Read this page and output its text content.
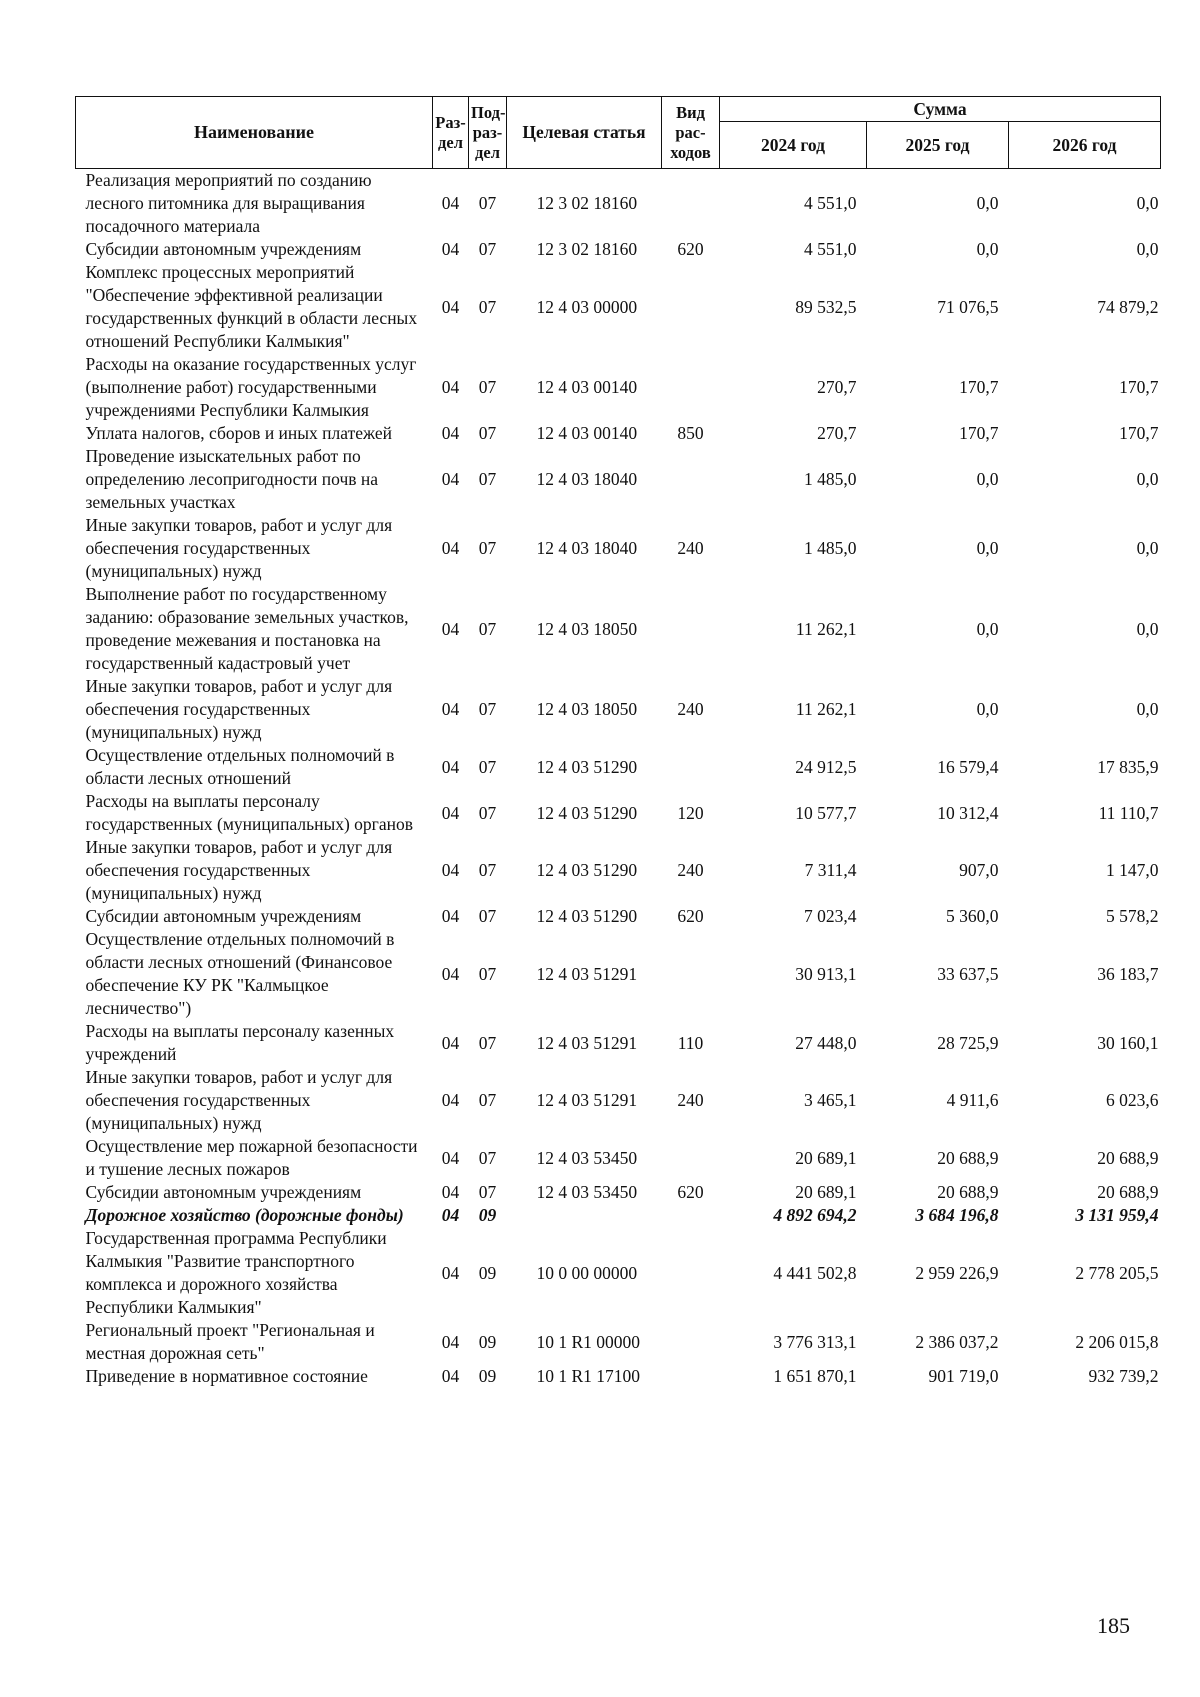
Наименование	Раз-дел	Под-раз-дел	Целевая статья	Вид рас-ходов	Сумма		
					2024 год	2025 год	2026 год
Реализация мероприятий по созданию лесного питомника для выращивания посадочного материала	04	07	12 3 02 18160		4 551,0	0,0	0,0
Субсидии автономным учреждениям	04	07	12 3 02 18160	620	4 551,0	0,0	0,0
Комплекс процессных мероприятий "Обеспечение эффективной реализации государственных функций в области лесных отношений Республики Калмыкия"	04	07	12 4 03 00000		89 532,5	71 076,5	74 879,2
Расходы на оказание государственных услуг (выполнение работ) государственными учреждениями Республики Калмыкия	04	07	12 4 03 00140		270,7	170,7	170,7
Уплата налогов, сборов и иных платежей	04	07	12 4 03 00140	850	270,7	170,7	170,7
Проведение изыскательных работ по определению лесопригодности почв на земельных участках	04	07	12 4 03 18040		1 485,0	0,0	0,0
Иные закупки товаров, работ и услуг для обеспечения государственных (муниципальных) нужд	04	07	12 4 03 18040	240	1 485,0	0,0	0,0
Выполнение работ по государственному заданию: образование земельных участков, проведение межевания и постановка на государственный кадастровый учет	04	07	12 4 03 18050		11 262,1	0,0	0,0
Иные закупки товаров, работ и услуг для обеспечения государственных (муниципальных) нужд	04	07	12 4 03 18050	240	11 262,1	0,0	0,0
Осуществление отдельных полномочий в области лесных отношений	04	07	12 4 03 51290		24 912,5	16 579,4	17 835,9
Расходы на выплаты персоналу государственных (муниципальных) органов	04	07	12 4 03 51290	120	10 577,7	10 312,4	11 110,7
Иные закупки товаров, работ и услуг для обеспечения государственных (муниципальных) нужд	04	07	12 4 03 51290	240	7 311,4	907,0	1 147,0
Субсидии автономным учреждениям	04	07	12 4 03 51290	620	7 023,4	5 360,0	5 578,2
Осуществление отдельных полномочий в области лесных отношений (Финансовое обеспечение КУ РК "Калмыцкое лесничество")	04	07	12 4 03 51291		30 913,1	33 637,5	36 183,7
Расходы на выплаты персоналу казенных учреждений	04	07	12 4 03 51291	110	27 448,0	28 725,9	30 160,1
Иные закупки товаров, работ и услуг для обеспечения государственных (муниципальных) нужд	04	07	12 4 03 51291	240	3 465,1	4 911,6	6 023,6
Осуществление мер пожарной безопасности и тушение лесных пожаров	04	07	12 4 03 53450		20 689,1	20 688,9	20 688,9
Субсидии автономным учреждениям	04	07	12 4 03 53450	620	20 689,1	20 688,9	20 688,9
Дорожное хозяйство (дорожные фонды)	04	09			4 892 694,2	3 684 196,8	3 131 959,4
Государственная программа Республики Калмыкия "Развитие транспортного комплекса и дорожного хозяйства Республики Калмыкия"	04	09	10 0 00 00000		4 441 502,8	2 959 226,9	2 778 205,5
Региональный проект "Региональная и местная дорожная сеть"	04	09	10 1 R1 00000		3 776 313,1	2 386 037,2	2 206 015,8
Приведение в нормативное состояние	04	09	10 1 R1 17100		1 651 870,1	901 719,0	932 739,2
185
